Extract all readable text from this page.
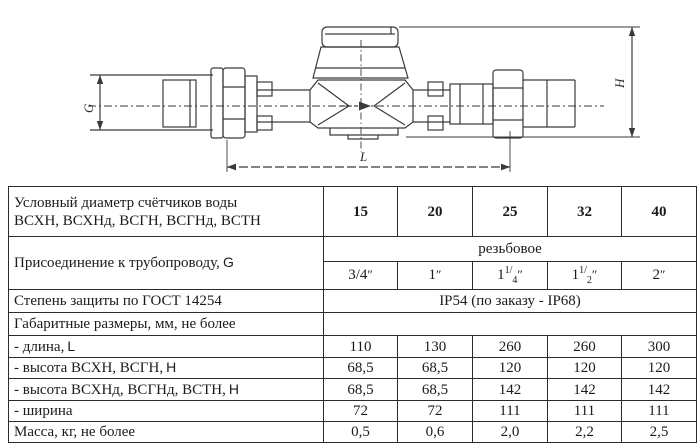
G
H
L
Условный диаметр счётчиков воды
ВСХН, ВСХНд, ВСГН, ВСГНд, ВСТН	15	20	25	32	40
Присоединение к трубопроводу, G	резьбовое				
	3/4″	1″	$1^{1/}_4''$	$1^{1/}_2''$	2″
Степень защиты по ГОСТ 14254	IP54 (по заказу - IP68)				
Габаритные размеры, мм, не более					
- длина, L	110	130	260	260	300
- высота ВСХН, ВСГН, H	68,5	68,5	120	120	120
- высота ВСХНд, ВСГНд, ВСТН, H	68,5	68,5	142	142	142
- ширина	72	72	111	111	111
Масса, кг, не более	0,5	0,6	2,0	2,2	2,5
